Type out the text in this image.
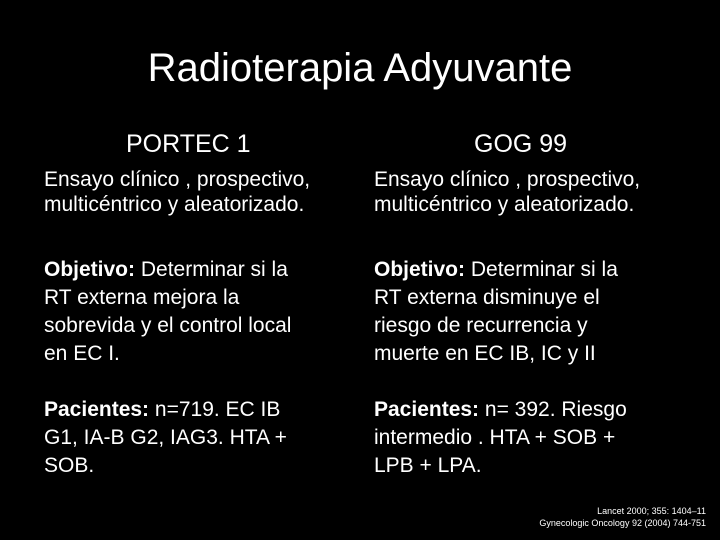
Radioterapia Adyuvante
PORTEC 1	GOG 99
Ensayo clínico , prospectivo,
multicéntrico y aleatorizado.
Ensayo clínico , prospectivo,
multicéntrico y aleatorizado.
Objetivo: Determinar si la
RT externa mejora la
sobrevida y el control local
en EC I.
Objetivo: Determinar si la
RT externa disminuye el
riesgo de recurrencia y
muerte en EC IB, IC y II
Pacientes: n=719. EC IB
G1, IA-B G2, IAG3. HTA +
SOB.
Pacientes: n= 392. Riesgo
intermedio . HTA + SOB +
LPB + LPA.
Lancet 2000; 355: 1404–11
Gynecologic Oncology 92 (2004) 744-751
